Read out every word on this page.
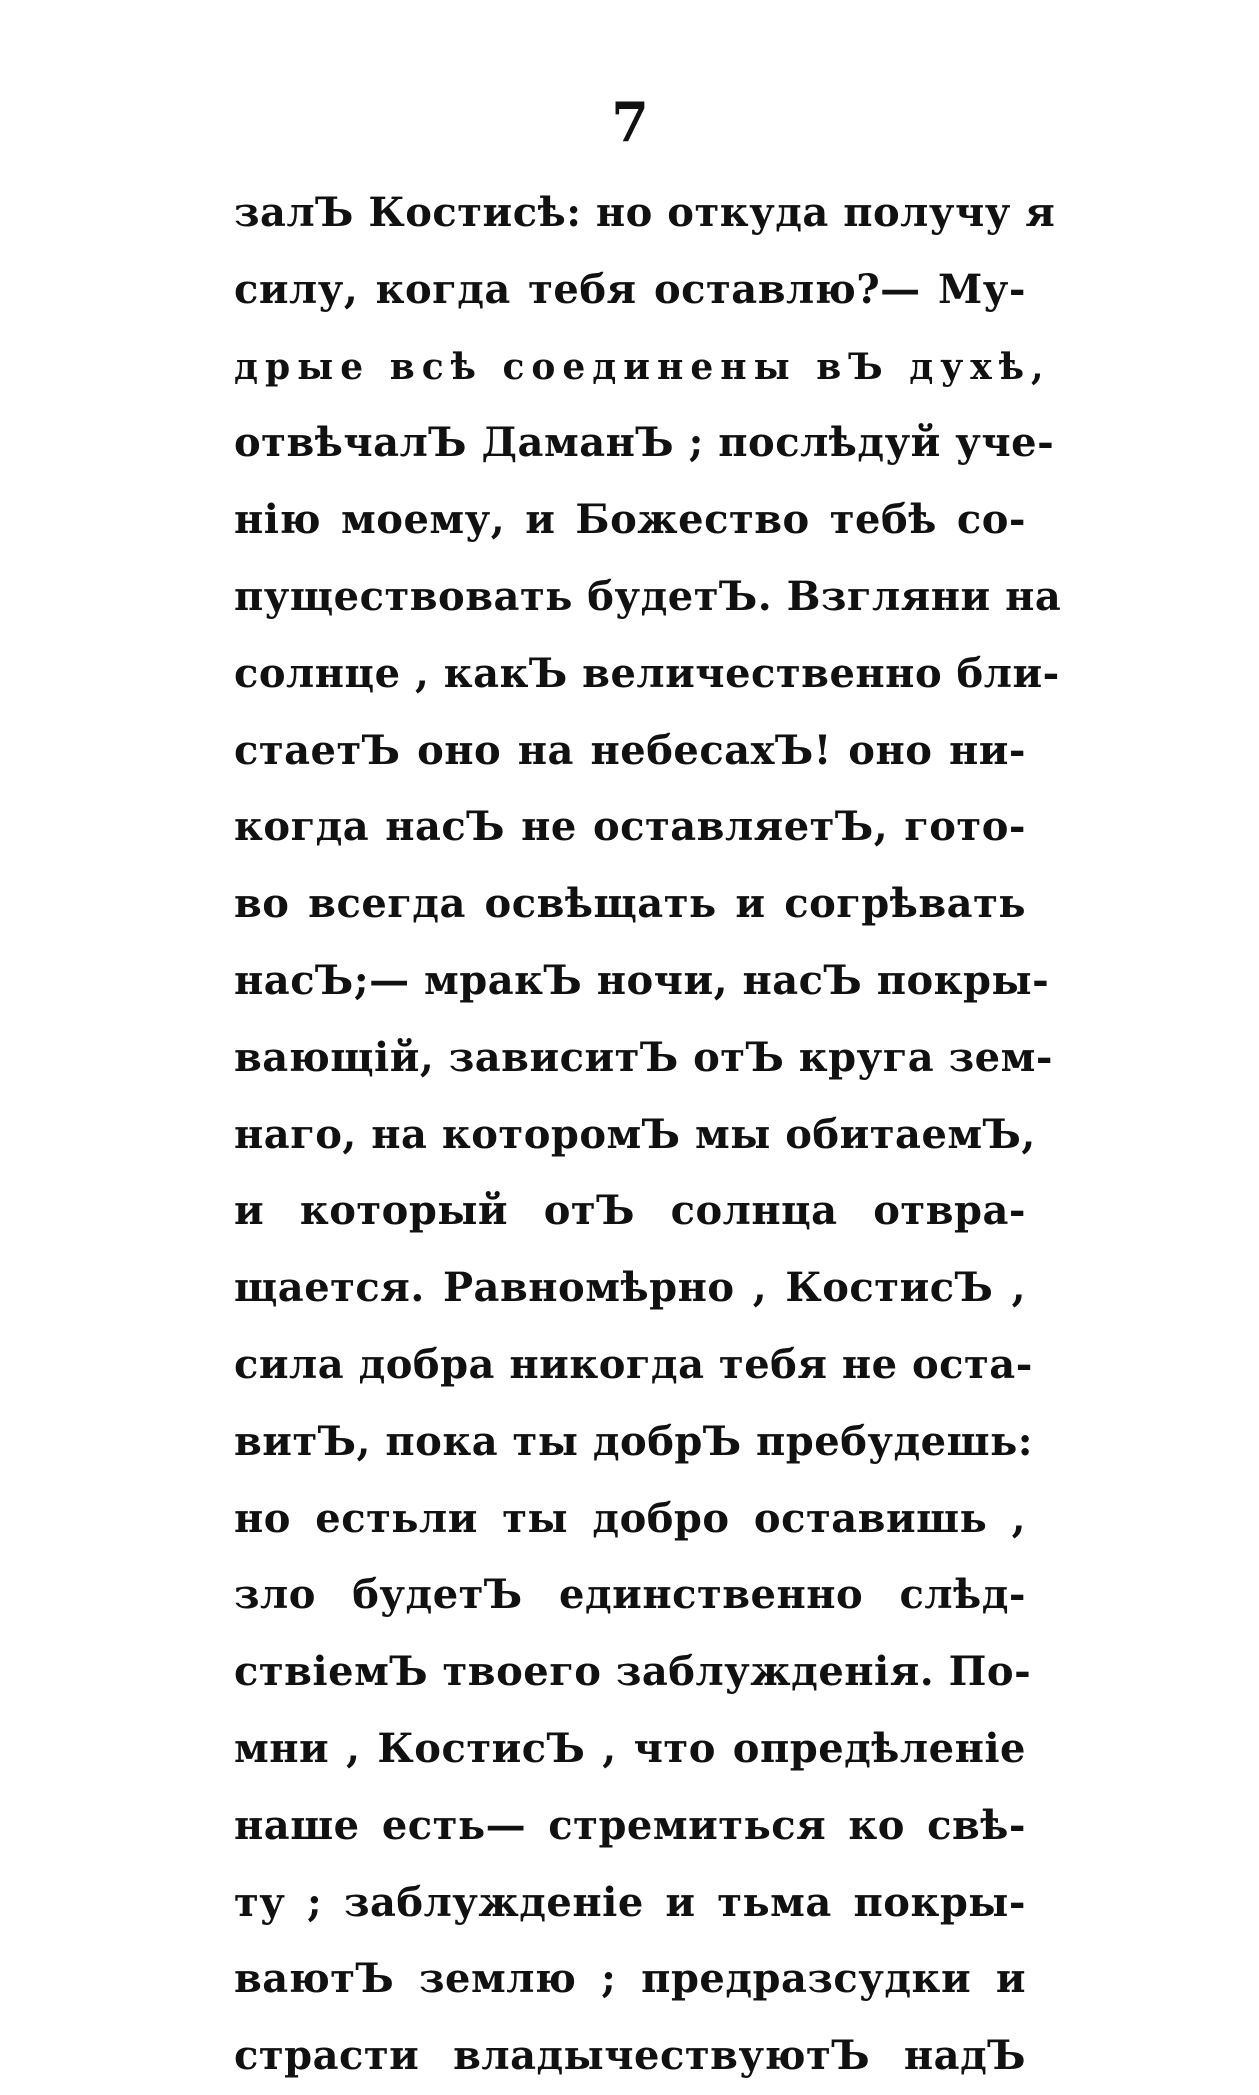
7
залЪ Костисѣ: но откуда получу я
силу, когда тебя оставлю?— Му-
дрые всѣ соединены вЪ духѣ,
отвѣчалЪ ДаманЪ ; послѣдуй уче-
нію моему, и Божество тебѣ со-
пуществовать будетЪ. Взгляни на
солнце , какЪ величественно бли-
стаетЪ оно на небесахЪ! оно ни-
когда насЪ не оставляетЪ, гото-
во всегда освѣщать и согрѣвать
насЪ;— мракЪ ночи, насЪ покры-
вающій, зависитЪ отЪ круга зем-
наго, на которомЪ мы обитаемЪ,
и который отЪ солнца отвра-
щается. Равномѣрно , КостисЪ ,
сила добра никогда тебя не оста-
витЪ, пока ты добрЪ пребудешь:
но естьли ты добро оставишь ,
зло будетЪ единственно слѣд-
ствіемЪ твоего заблужденія. По-
мни , КостисЪ , что опредѣленіе
наше есть— стремиться ко свѣ-
ту ; заблужденіе и тьма покры-
ваютЪ землю ; предразсудки и
страсти владычествуютЪ надЪ
